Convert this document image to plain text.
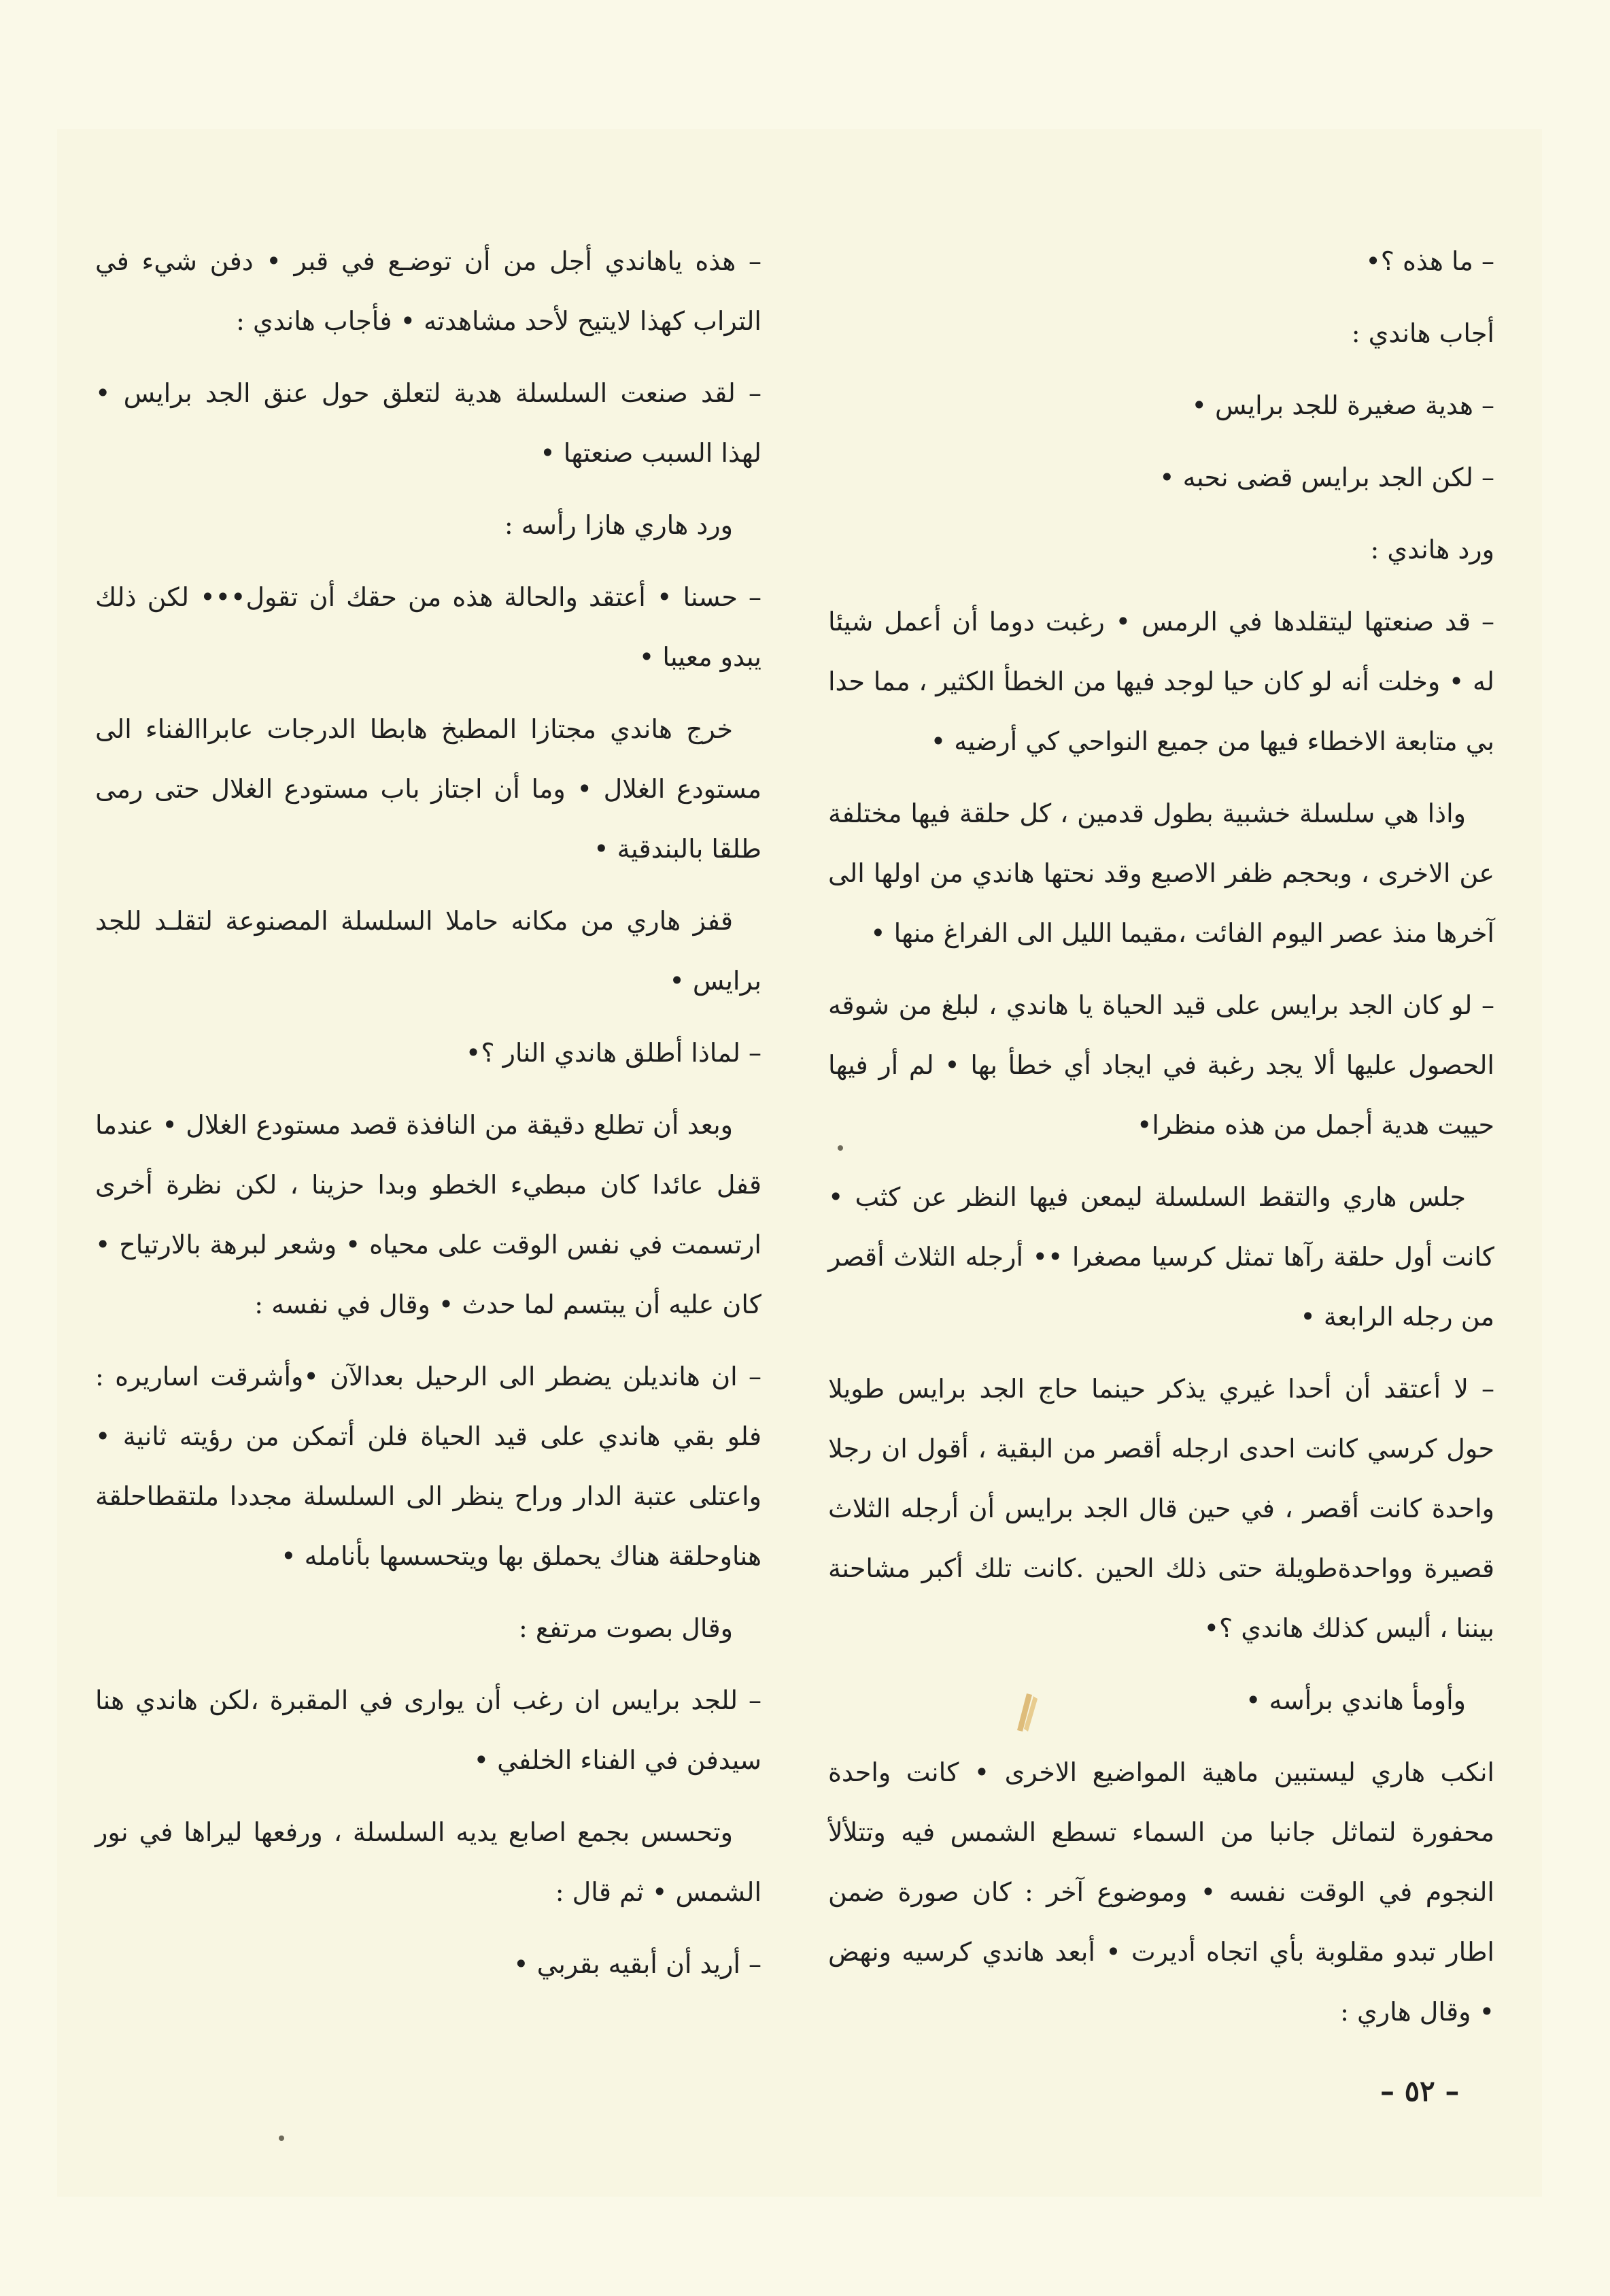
– ما هذه ؟•

أجاب هاندي :

– هدية صغيرة للجد برايس •

– لكن الجد برايس قضى نحبه •

ورد هاندي :

– قد صنعتها ليتقلدها في الرمس • رغبت دوما أن أعمل شيئا له • وخلت أنه لو كان حيا لوجد فيها من الخطأ الكثير ، مما حدا بي متابعة الاخطاء فيها من جميع النواحي كي أرضيه •

واذا هي سلسلة خشبية بطول قدمين ، كل حلقة فيها مختلفة عن الاخرى ، وبحجم ظفر الاصبع وقد نحتها هاندي من اولها الى آخرها منذ عصر اليوم الفائت ،مقيما الليل الى الفراغ منها •

– لو كان الجد برايس على قيد الحياة يا هاندي ، لبلغ من شوقه الحصول عليها ألا يجد رغبة في ايجاد أي خطأ بها • لم أر فيها حييت هدية أجمل من هذه منظرا•

جلس هاري والتقط السلسلة ليمعن فيها النظر عن كثب • كانت أول حلقة رآها تمثل كرسيا مصغرا •• أرجله الثلاث أقصر من رجله الرابعة •

– لا أعتقد أن أحدا غيري يذكر حينما حاج الجد برايس طويلا حول كرسي كانت احدى ارجله أقصر من البقية ، أقول ان رجلا واحدة كانت أقصر ، في حين قال الجد برايس أن أرجله الثلاث قصيرة وواحدةطويلة حتى ذلك الحين .كانت تلك أكبر مشاحنة بيننا ، أليس كذلك هاندي ؟•

وأومأ هاندي برأسه •

انكب هاري ليستبين ماهية المواضيع الاخرى • كانت واحدة محفورة لتماثل جانبا من السماء تسطع الشمس فيه وتتلألأ النجوم في الوقت نفسه • وموضوع آخر : كان صورة ضمن اطار تبدو مقلوبة بأي اتجاه أديرت • أبعد هاندي كرسيه ونهض • وقال هاري :

– هذه ياهاندي أجل من أن توضـع في قبر • دفن شيء في التراب كهذا لايتيح لأحد مشاهدته • فأجاب هاندي :

– لقد صنعت السلسلة هدية لتعلق حول عنق الجد برايس • لهذا السبب صنعتها •

ورد هاري هازا رأسه :

– حسنا • أعتقد والحالة هذه من حقك أن تقول••• لكن ذلك يبدو معيبا •

خرج هاندي مجتازا المطبخ هابطا الدرجات عابراالفناء الى مستودع الغلال • وما أن اجتاز باب مستودع الغلال حتى رمى طلقا بالبندقية •

قفز هاري من مكانه حاملا السلسلة المصنوعة لتقلـد للجد برايس •

– لماذا أطلق هاندي النار ؟•

وبعد أن تطلع دقيقة من النافذة قصد مستودع الغلال • عندما قفل عائدا كان مبطيء الخطو وبدا حزينا ، لكن نظرة أخرى ارتسمت في نفس الوقت على محياه • وشعر لبرهة بالارتياح • كان عليه أن يبتسم لما حدث • وقال في نفسه :

– ان هانديلن يضطر الى الرحيل بعدالآن •وأشرقت اساريره : فلو بقي هاندي على قيد الحياة فلن أتمكن من رؤيته ثانية • واعتلى عتبة الدار وراح ينظر الى السلسلة مجددا ملتقطاحلقة هناوحلقة هناك يحملق بها ويتحسسها بأنامله •

وقال بصوت مرتفع :

– للجد برايس ان رغب أن يوارى في المقبرة ،لكن هاندي هنا سيدفن في الفناء الخلفي •

وتحسس بجمع اصابع يديه السلسلة ، ورفعها ليراها في نور الشمس • ثم قال :

– أريد أن أبقيه بقربي •

– ٥٢ –
